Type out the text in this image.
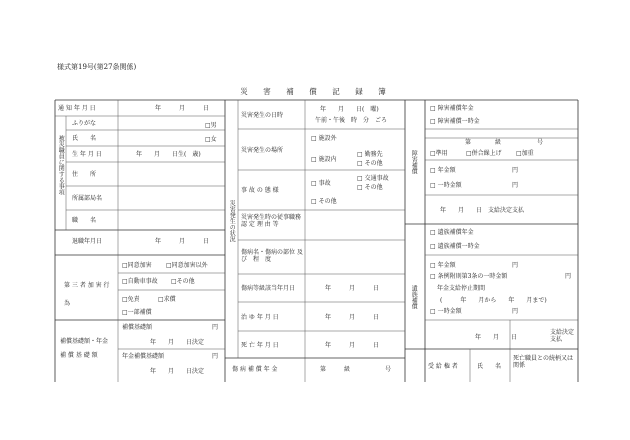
様式第19号(第27条関係)
災　害　補　償　記　録　簿
通 知 年 月 日	年　　　月　　　日
被災職員に関する事項
ふりがな
氏　　名
□男
□女
生 年 月 日	年　　月　　日生(　歳)
住　　所
所属部局名
職　　名
退職年月日	年　　　月　　　日
第 三 者 加 害 行　　為
□同意加害 □同意加害以外
□自動車事故 □その他
□免責	□求償
□一部補償
補償基礎額・年金 補 償 基 礎 額
補償基礎額	円
年　　月　　日決定
年金補償基礎額	円
年　　月　　日決定
災害発生の状況
災害発生の日時
年　　月　　日(　曜)
午前・午後　時　分　ごろ
災害発生の場所
□ 施設外
□ 施設内
□ 勤務先
□ その他
事 故 の 態 様
□ 事故
□ 交通事故
□ その他
□ その他
災害発生時の従事職務 認 定 理 由 等
傷病名・傷病の部位 及　び　程　度
傷病等級該当年月日	年　　　月　　　日
治 ゆ 年 月 日	年　　　月　　　日
死 亡 年 月 日	年　　　月　　　日
傷 病 補 償 年 金	第　　　級	号
障害補償
□ 障害補償年金
□ 障害補償一時金
第　　　　級　　　　　　号
□準用	□併合繰上げ □加重
□ 年金額	円
□ 一時金額	円
年　　月　　日　支給決定支払
遺族補償
□ 遺族補償年金
□ 遺族補償一時金
□ 年金額	円
□ 条例附則第3条の一時金額	円
年金支給停止期間
(　　　年　　月から　　年　　月まで)
□ 一時金額	円
年　　月　　日
支給決定支払
受 給 権 者	氏　　名
死亡職員との続柄又は関係
